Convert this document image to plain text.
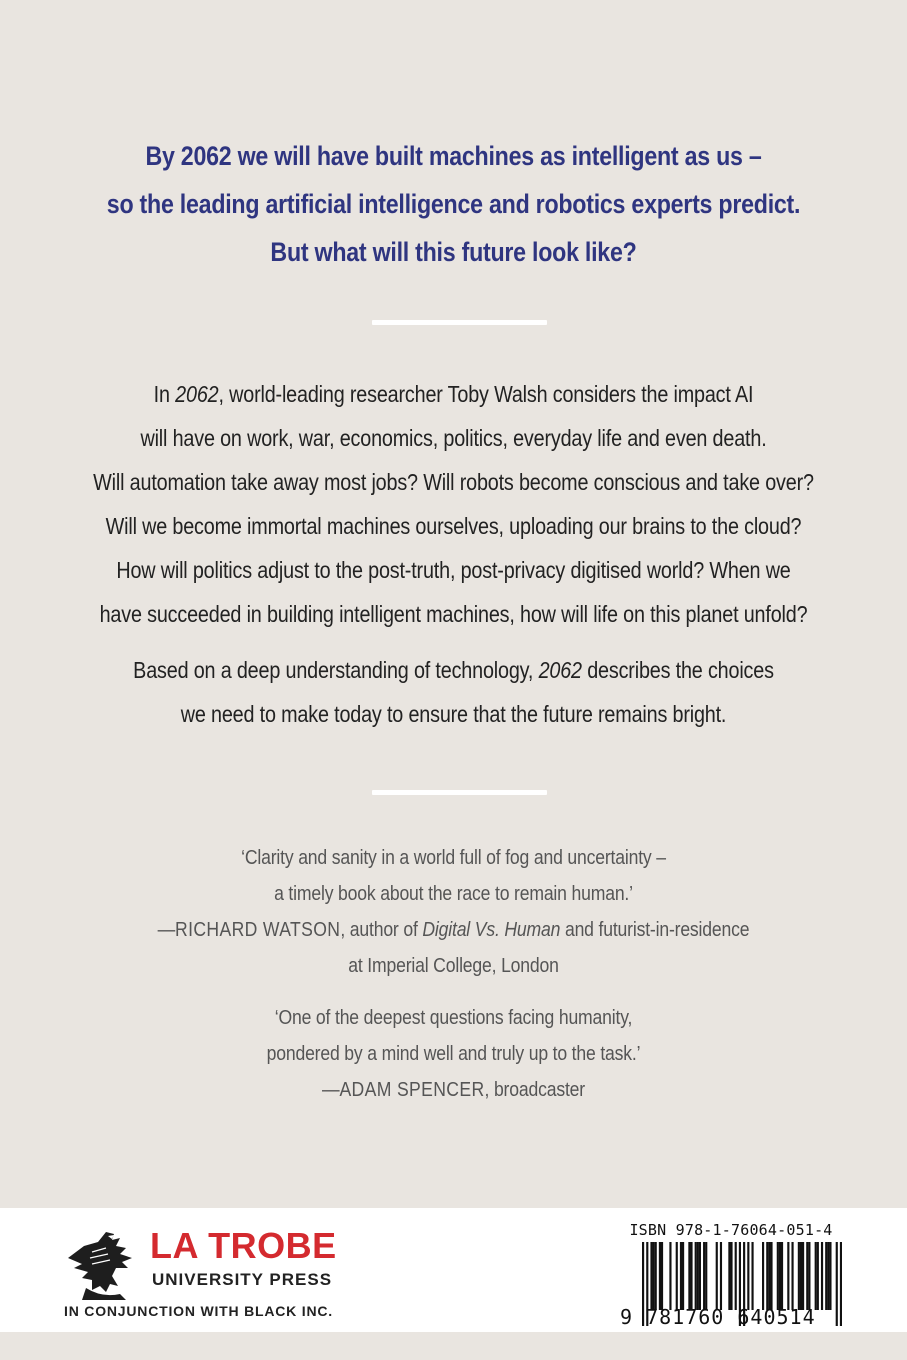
By 2062 we will have built machines as intelligent as us –
so the leading artificial intelligence and robotics experts predict.
But what will this future look like?

In 2062, world-leading researcher Toby Walsh considers the impact AI
will have on work, war, economics, politics, everyday life and even death.
Will automation take away most jobs? Will robots become conscious and take over?
Will we become immortal machines ourselves, uploading our brains to the cloud?
How will politics adjust to the post-truth, post-privacy digitised world? When we
have succeeded in building intelligent machines, how will life on this planet unfold?

Based on a deep understanding of technology, 2062 describes the choices
we need to make today to ensure that the future remains bright.

‘Clarity and sanity in a world full of fog and uncertainty –
a timely book about the race to remain human.’
—RICHARD WATSON, author of Digital Vs. Human and futurist-in-residence
at Imperial College, London
‘One of the deepest questions facing humanity,
pondered by a mind well and truly up to the task.’
—ADAM SPENCER, broadcaster
LA TROBE
UNIVERSITY PRESS
IN CONJUNCTION WITH BLACK INC.
ISBN 978-1-76064-051-4
9 781760 640514
